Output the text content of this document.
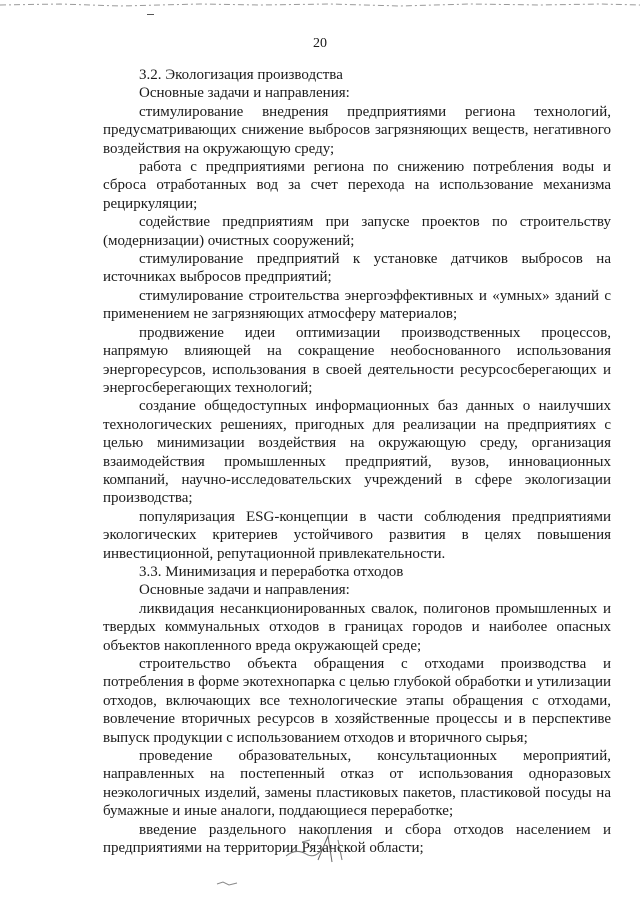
20

3.2. Экологизация производства

Основные задачи и направления:

стимулирование внедрения предприятиями региона технологий, предусматривающих снижение выбросов загрязняющих веществ, негативного воздействия на окружающую среду;

работа с предприятиями региона по снижению потребления воды и сброса отработанных вод за счет перехода на использование механизма рециркуляции;

содействие предприятиям при запуске проектов по строительству (модернизации) очистных сооружений;

стимулирование предприятий к установке датчиков выбросов на источниках выбросов предприятий;

стимулирование строительства энергоэффективных и «умных» зданий с применением не загрязняющих атмосферу материалов;

продвижение идеи оптимизации производственных процессов, напрямую влияющей на сокращение необоснованного использования энергоресурсов, использования в своей деятельности ресурсосберегающих и энергосберегающих технологий;

создание общедоступных информационных баз данных о наилучших технологических решениях, пригодных для реализации на предприятиях с целью минимизации воздействия на окружающую среду, организация взаимодействия промышленных предприятий, вузов, инновационных компаний, научно-исследовательских учреждений в сфере экологизации производства;

популяризация ESG-концепции в части соблюдения предприятиями экологических критериев устойчивого развития в целях повышения инвестиционной, репутационной привлекательности.

3.3. Минимизация и переработка отходов

Основные задачи и направления:

ликвидация несанкционированных свалок, полигонов промышленных и твердых коммунальных отходов в границах городов и наиболее опасных объектов накопленного вреда окружающей среде;

строительство объекта обращения с отходами производства и потребления в форме экотехнопарка с целью глубокой обработки и утилизации отходов, включающих все технологические этапы обращения с отходами, вовлечение вторичных ресурсов в хозяйственные процессы и в перспективе выпуск продукции с использованием отходов и вторичного сырья;

проведение образовательных, консультационных мероприятий, направленных на постепенный отказ от использования одноразовых неэкологичных изделий, замены пластиковых пакетов, пластиковой посуды на бумажные и иные аналоги, поддающиеся переработке;

введение раздельного накопления и сбора отходов населением и предприятиями на территории Рязанской области;
